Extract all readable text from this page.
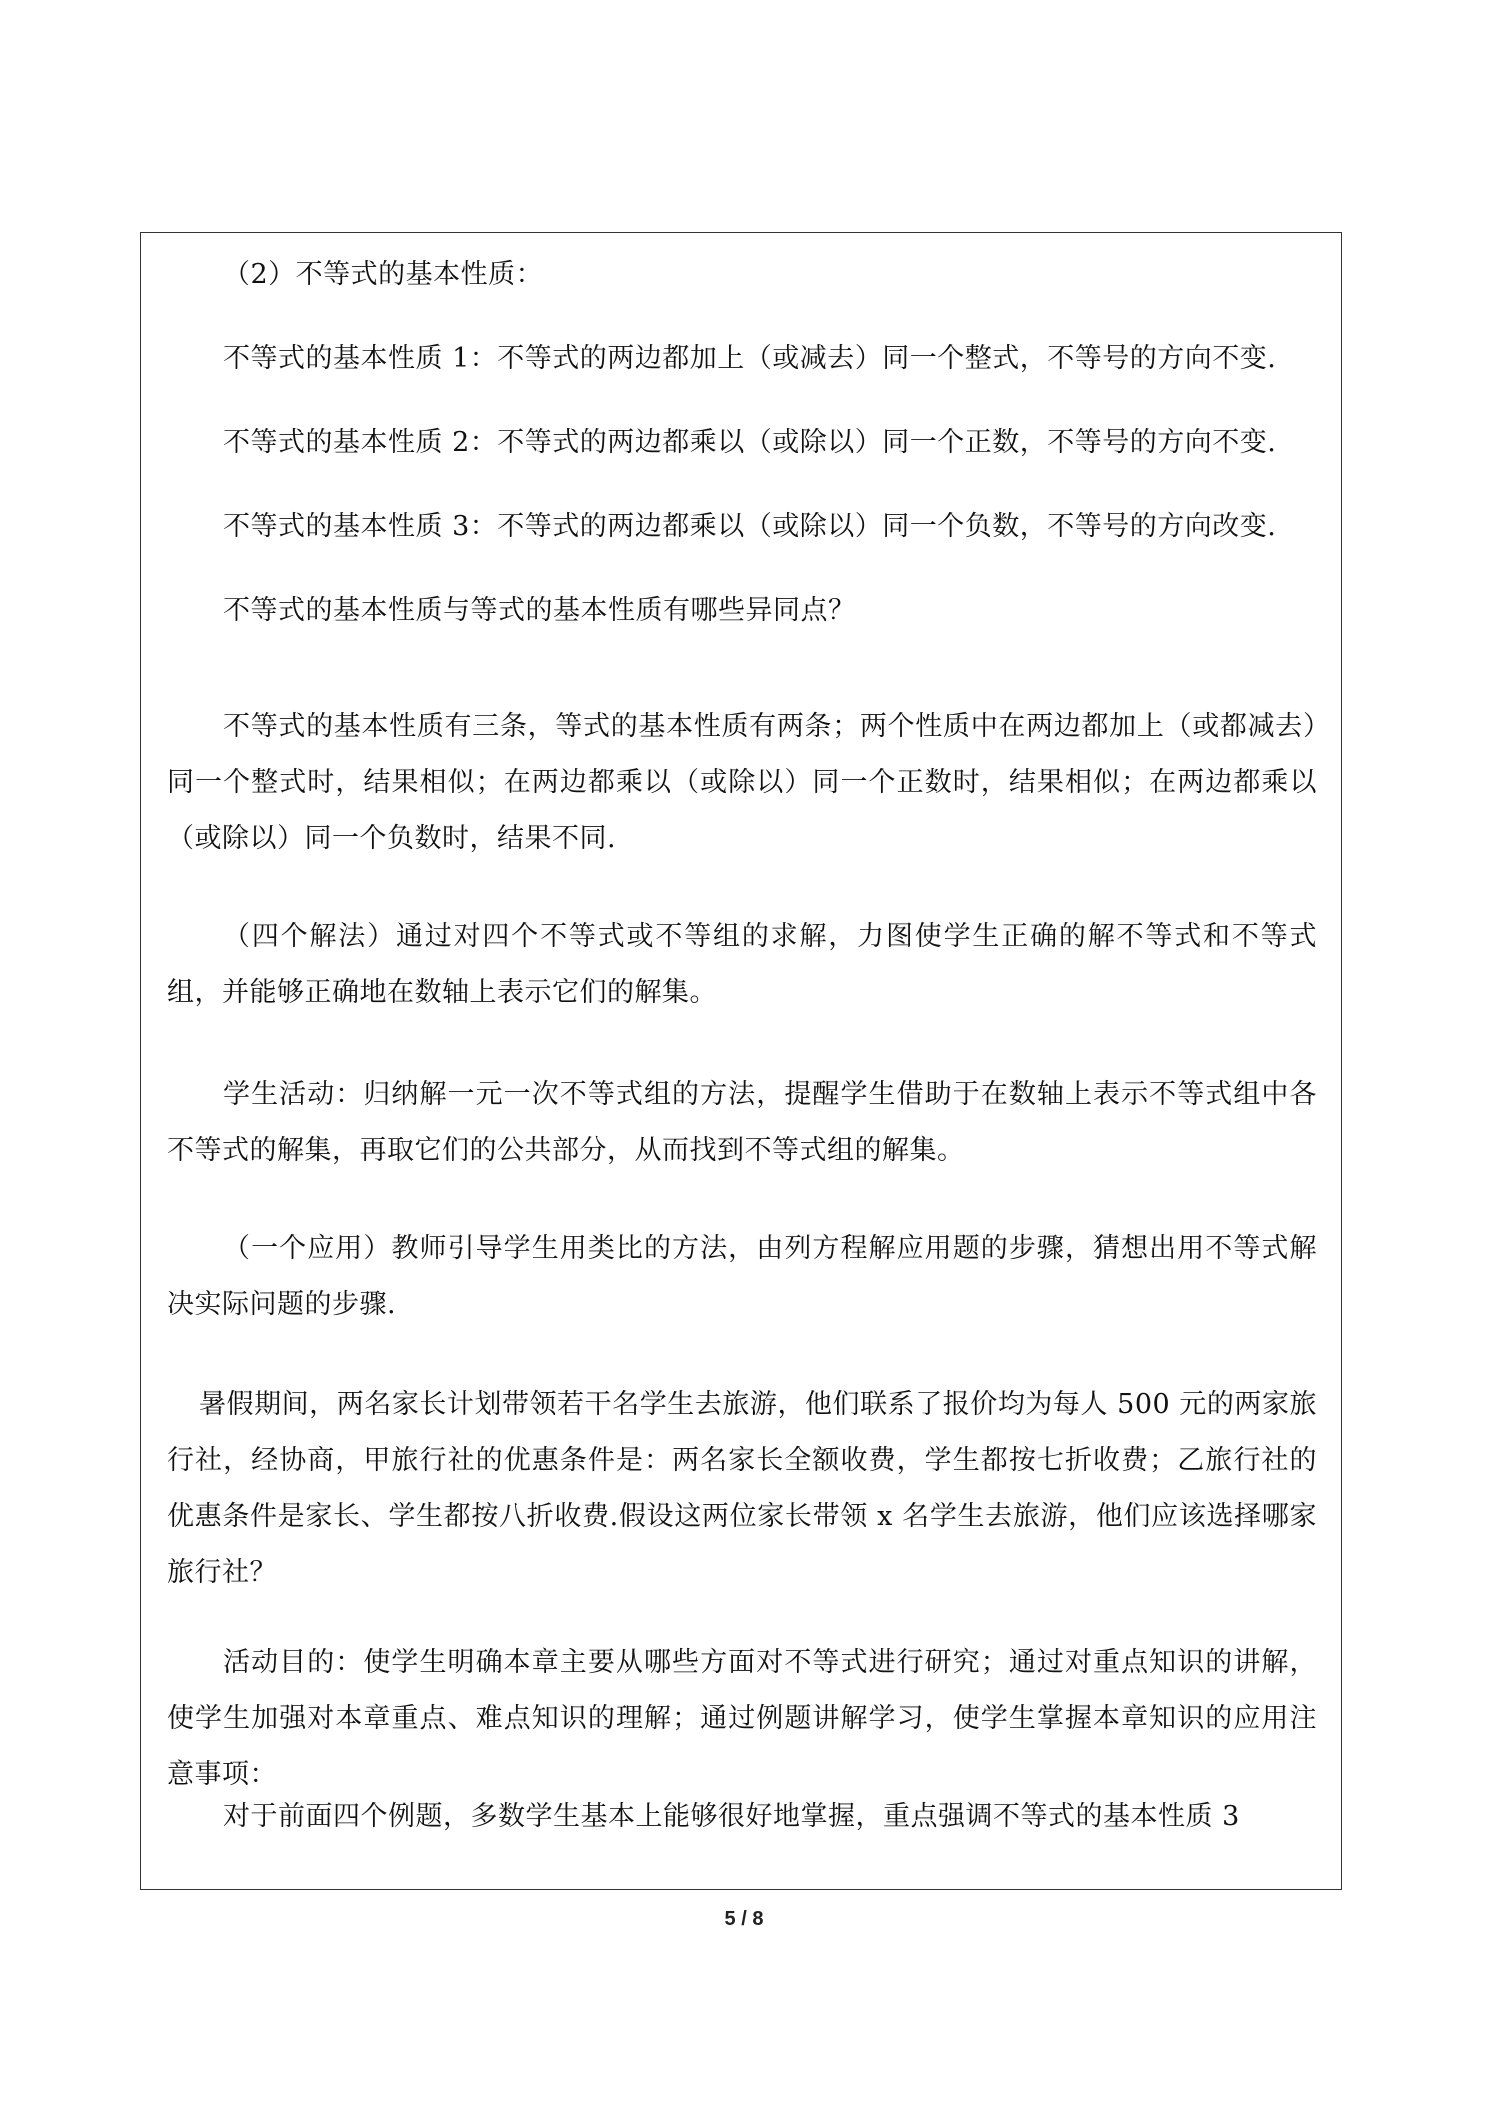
（2）不等式的基本性质：

不等式的基本性质 1：不等式的两边都加上（或减去）同一个整式，不等号的方向不变.

不等式的基本性质 2：不等式的两边都乘以（或除以）同一个正数，不等号的方向不变.

不等式的基本性质 3：不等式的两边都乘以（或除以）同一个负数，不等号的方向改变.

不等式的基本性质与等式的基本性质有哪些异同点？

不等式的基本性质有三条，等式的基本性质有两条；两个性质中在两边都加上（或都减去）同一个整式时，结果相似；在两边都乘以（或除以）同一个正数时，结果相似；在两边都乘以（或除以）同一个负数时，结果不同.

（四个解法）通过对四个不等式或不等组的求解，力图使学生正确的解不等式和不等式组，并能够正确地在数轴上表示它们的解集。

学生活动：归纳解一元一次不等式组的方法，提醒学生借助于在数轴上表示不等式组中各不等式的解集，再取它们的公共部分，从而找到不等式组的解集。

（一个应用）教师引导学生用类比的方法，由列方程解应用题的步骤，猜想出用不等式解决实际问题的步骤.

暑假期间，两名家长计划带领若干名学生去旅游，他们联系了报价均为每人 500 元的两家旅行社，经协商，甲旅行社的优惠条件是：两名家长全额收费，学生都按七折收费；乙旅行社的优惠条件是家长、学生都按八折收费.假设这两位家长带领 x 名学生去旅游，他们应该选择哪家旅行社？

活动目的：使学生明确本章主要从哪些方面对不等式进行研究；通过对重点知识的讲解，使学生加强对本章重点、难点知识的理解；通过例题讲解学习，使学生掌握本章知识的应用注意事项：

对于前面四个例题，多数学生基本上能够很好地掌握，重点强调不等式的基本性质 3

5 / 8
